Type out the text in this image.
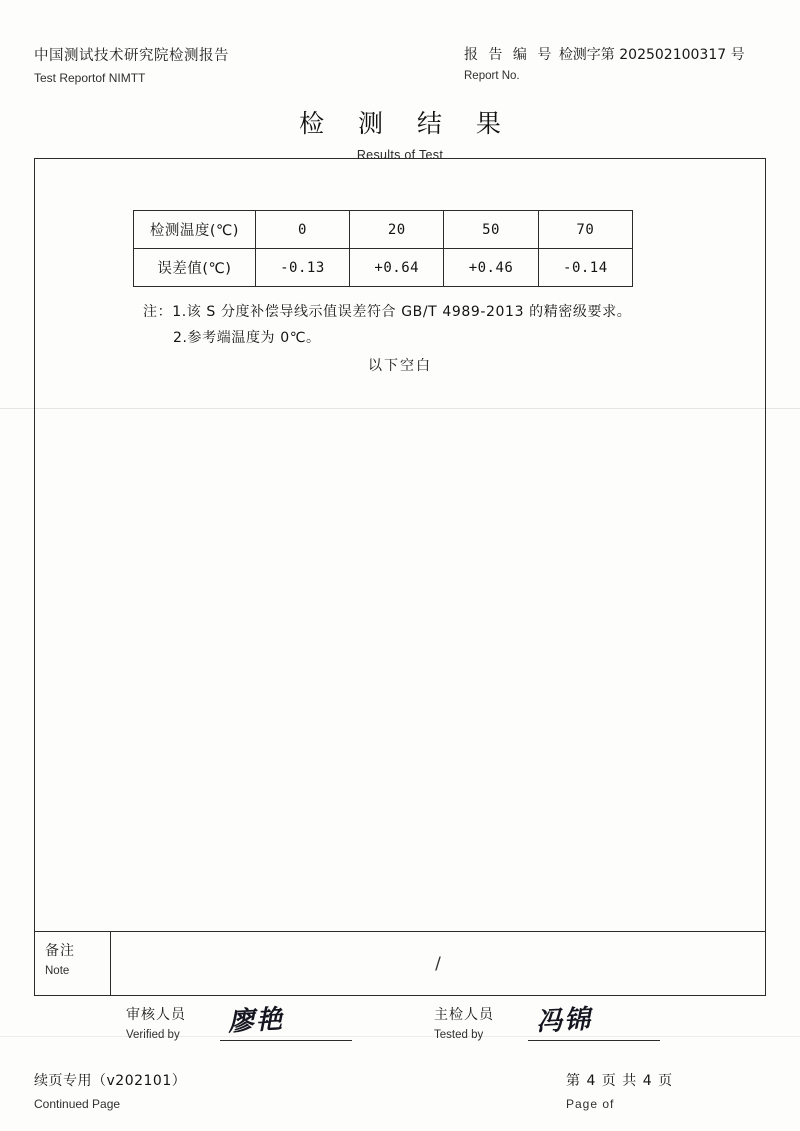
中国测试技术研究院检测报告
Test Reportof NIMTT
报 告 编 号 检测字第 202502100317 号
Report No.
检 测 结 果
Results of Test
检测温度(℃)	0	20	50	70
误差值(℃)	-0.13	+0.64	+0.46	-0.14
注：1.该 S 分度补偿导线示值误差符合 GB/T 4989-2013 的精密级要求。
2.参考端温度为 0℃。
以下空白
备注
Note	/
审核人员
Verified by 廖艳	主检人员
Tested by	冯锦
续页专用（v202101）
Continued Page
第 4 页 共 4 页
Page of
